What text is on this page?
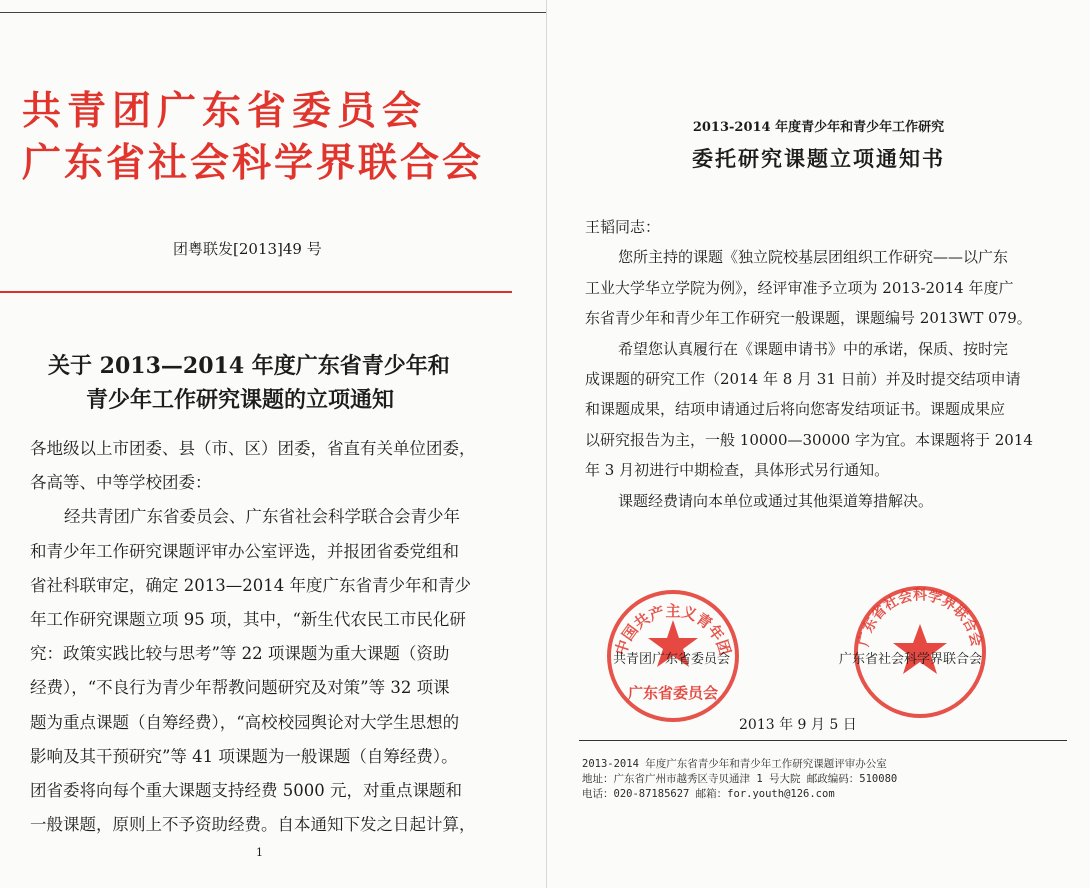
共青团广东省委员会
广东省社会科学界联合会
团粤联发[2013]49 号
关于 2013—2014 年度广东省青少年和
青少年工作研究课题的立项通知

各地级以上市团委、县（市、区）团委，省直有关单位团委，

各高等、中等学校团委：

经共青团广东省委员会、广东省社会科学联合会青少年

和青少年工作研究课题评审办公室评选，并报团省委党组和

省社科联审定，确定 2013—2014 年度广东省青少年和青少

年工作研究课题立项 95 项，其中，“新生代农民工市民化研

究：政策实践比较与思考”等 22 项课题为重大课题（资助

经费），“不良行为青少年帮教问题研究及对策”等 32 项课

题为重点课题（自筹经费），“高校校园舆论对大学生思想的

影响及其干预研究”等 41 项课题为一般课题（自筹经费）。

团省委将向每个重大课题支持经费 5000 元，对重点课题和

一般课题，原则上不予资助经费。自本通知下发之日起计算，

1
2013-2014 年度青少年和青少年工作研究
委托研究课题立项通知书

王韬同志：

您所主持的课题《独立院校基层团组织工作研究——以广东

工业大学华立学院为例》，经评审准予立项为 2013-2014 年度广

东省青少年和青少年工作研究一般课题，课题编号 2013WT 079。

希望您认真履行在《课题申请书》中的承诺，保质、按时完

成课题的研究工作（2014 年 8 月 31 日前）并及时提交结项申请

和课题成果，结项申请通过后将向您寄发结项证书。课题成果应

以研究报告为主，一般 10000—30000 字为宜。本课题将于 2014

年 3 月初进行中期检查，具体形式另行通知。

课题经费请向本单位或通过其他渠道筹措解决。

中国共产主义青年团
广东省委员会
广东省社会科学界联合会
共青团广东省委员会	广东省社会科学界联合会
2013 年 9 月 5 日
2013-2014 年度广东省青少年和青少年工作研究课题评审办公室
地址：广东省广州市越秀区寺贝通津 1 号大院 邮政编码：510080
电话：020-87185627 邮箱：for.youth@126.com
